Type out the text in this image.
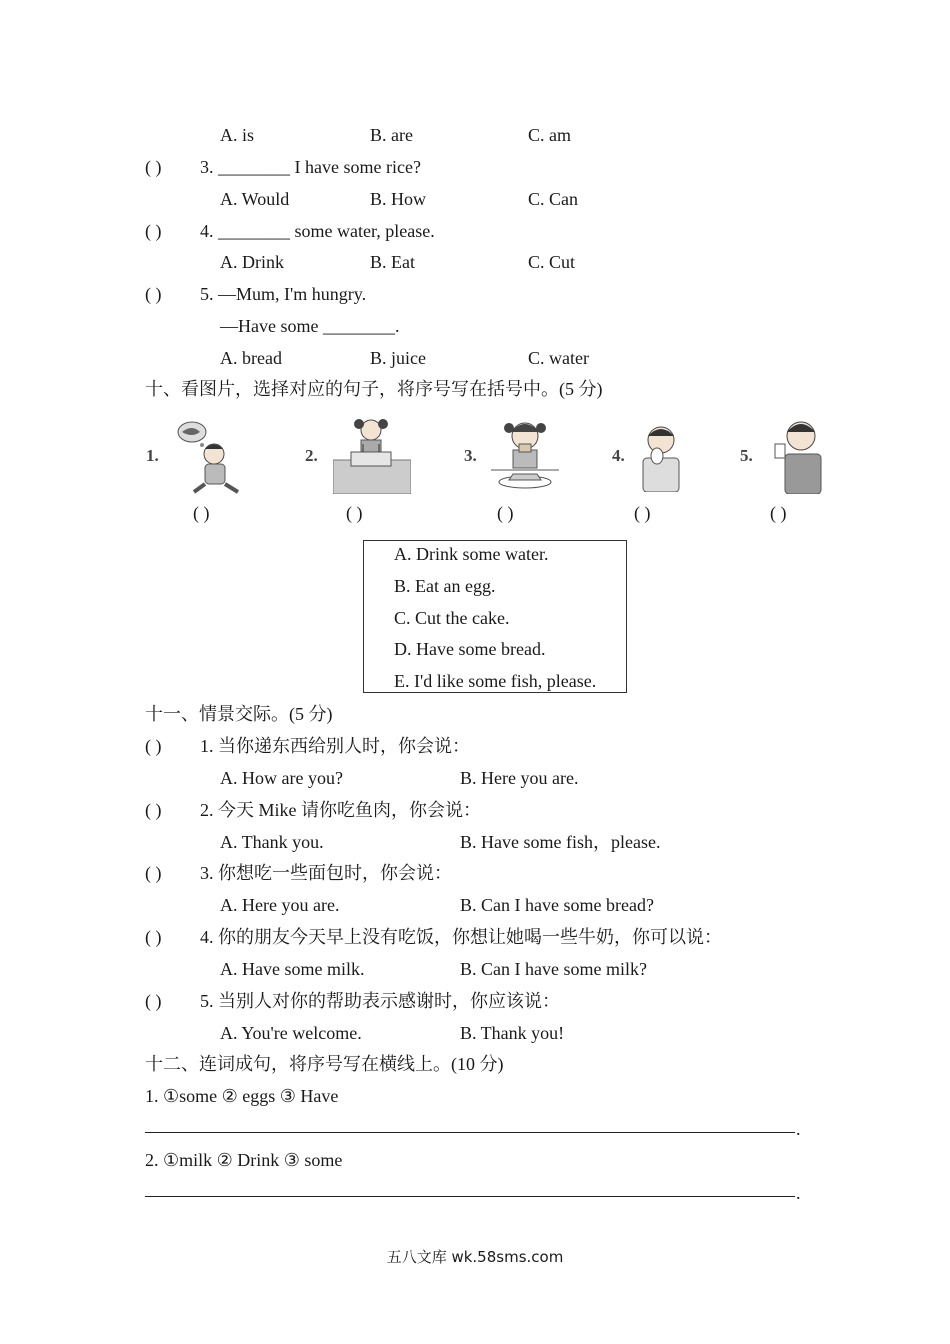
A. is	B. are	C. am
( ) 3. ________ I have some rice?
A. Would	B. How	C. Can
( ) 4. ________ some water, please.
A. Drink	B. Eat	C. Cut
( ) 5. —Mum, I'm hungry.
—Have some ________.
A. bread	B. juice	C. water
十、看图片，选择对应的句子，将序号写在括号中。(5 分)
1.
( )
2.
( )
3.
( )
4.
( )
5.
( )
A. Drink some water.
B. Eat an egg.
C. Cut the cake.
D. Have some bread.
E. I'd like some fish, please.
十一、情景交际。(5 分)
( ) 1. 当你递东西给别人时，你会说：
A. How are you?	B. Here you are.
( ) 2. 今天 Mike 请你吃鱼肉，你会说：
A. Thank you.	B. Have some fish，please.
( ) 3. 你想吃一些面包时，你会说：
A. Here you are.	B. Can I have some bread?
( ) 4. 你的朋友今天早上没有吃饭，你想让她喝一些牛奶，你可以说：
A. Have some milk.	B. Can I have some milk?
( ) 5. 当别人对你的帮助表示感谢时，你应该说：
A. You're welcome.	B. Thank you!
十二、连词成句，将序号写在横线上。(10 分)
1. ①some ② eggs ③ Have
.
2. ①milk ② Drink ③ some
.
五八文库 wk.58sms.com
